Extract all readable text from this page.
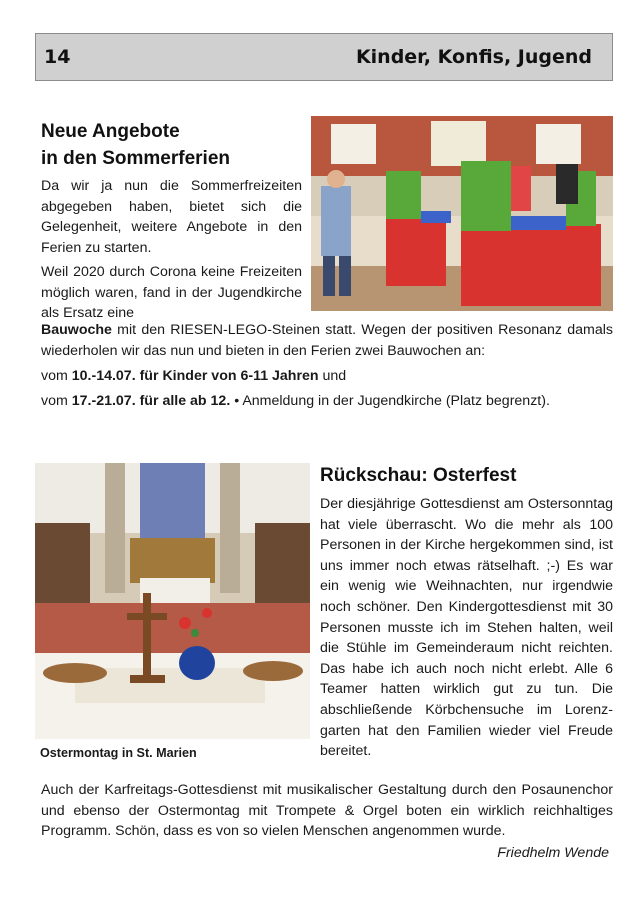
14	Kinder, Konfis, Jugend
Neue Angebote
in den Sommerferien

Da wir ja nun die Sommerfreizeiten abgegeben haben, bietet sich die Gelegenheit, weitere Angebote in den Ferien zu starten.

Weil 2020 durch Corona keine Freizeiten möglich waren, fand in der Jugendkirche als Ersatz eine

Bauwoche mit den RIESEN-LEGO-Steinen statt. Wegen der positiven Resonanz damals wiederholen wir das nun und bieten in den Ferien zwei Bauwochen an:

vom 10.-14.07. für Kinder von 6-11 Jahren und

vom 17.-21.07. für alle ab 12. • Anmeldung in der Jugendkirche (Platz begrenzt).

Ostermontag in St. Marien
Rückschau: Osterfest

Der diesjährige Gottesdienst am Ostersonntag hat viele überrascht. Wo die mehr als 100 Personen in der Kirche hergekommen sind, ist uns immer noch etwas rätselhaft. ;-) Es war ein wenig wie Weihnachten, nur irgendwie noch schöner. Den Kindergottesdienst mit 30 Personen musste ich im Stehen halten, weil die Stühle im Gemeinderaum nicht reichten. Das habe ich auch noch nicht erlebt. Alle 6 Teamer hatten wirklich gut zu tun. Die abschließende Körbchensuche im Lorenzgarten hat den Familien wieder viel Freude bereitet.

Auch der Karfreitags-Gottesdienst mit musikalischer Gestaltung durch den Posaunenchor und ebenso der Ostermontag mit Trompete & Orgel boten ein wirklich reichhaltiges Programm. Schön, dass es von so vielen Menschen angenommen wurde.

Friedhelm Wende
